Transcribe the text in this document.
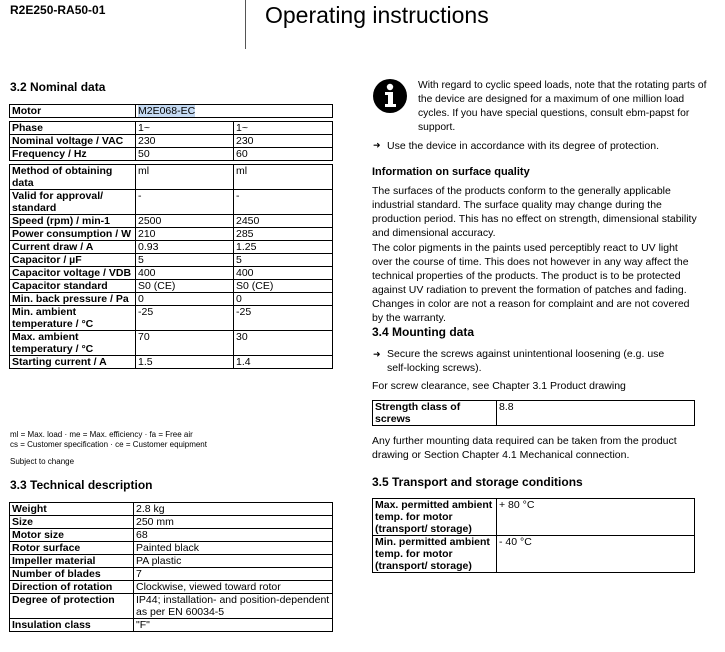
R2E250-RA50-01	Operating instructions
3.2 Nominal data
Motor	M2E068-EC	

Phase	1~	1~
Nominal voltage / VAC	230	230
Frequency / Hz	50	60

Method of obtaining data	ml	ml
Valid for approval/ standard	-	-
Speed (rpm) / min-1	2500	2450
Power consumption / W	210	285
Current draw / A	0.93	1.25
Capacitor / µF	5	5
Capacitor voltage / VDB	400	400
Capacitor standard	S0 (CE)	S0 (CE)
Min. back pressure / Pa	0	0
Min. ambient temperature / °C	-25	-25
Max. ambient temperatury / °C	70	30
Starting current / A	1.5	1.4
ml = Max. load · me = Max. efficiency · fa = Free air
cs = Customer specification · ce = Customer equipment
Subject to change
3.3 Technical description
Weight	2.8 kg
Size	250 mm
Motor size	68
Rotor surface	Painted black
Impeller material	PA plastic
Number of blades	7
Direction of rotation	Clockwise, viewed toward rotor
Degree of protection	IP44; installation- and position-dependent as per EN 60034-5
Insulation class	"F"

With regard to cyclic speed loads, note that the rotating parts of the device are designed for a maximum of one million load cycles. If you have special questions, consult ebm-papst for support.

➜ Use the device in accordance with its degree of protection.
Information on surface quality

The surfaces of the products conform to the generally applicable industrial standard. The surface quality may change during the production period. This has no effect on strength, dimensional stability and dimensional accuracy.

The color pigments in the paints used perceptibly react to UV light over the course of time. This does not however in any way affect the technical properties of the products. The product is to be protected against UV radiation to prevent the formation of patches and fading. Changes in color are not a reason for complaint and are not covered by the warranty.

3.4 Mounting data
➜ Secure the screws against unintentional loosening (e.g. use self-locking screws).

For screw clearance, see Chapter 3.1 Product drawing

Strength class of screws	8.8

Any further mounting data required can be taken from the product drawing or Section Chapter 4.1 Mechanical connection.

3.5 Transport and storage conditions
Max. permitted ambient temp. for motor (transport/ storage)	+ 80 °C
Min. permitted ambient temp. for motor (transport/ storage)	- 40 °C
